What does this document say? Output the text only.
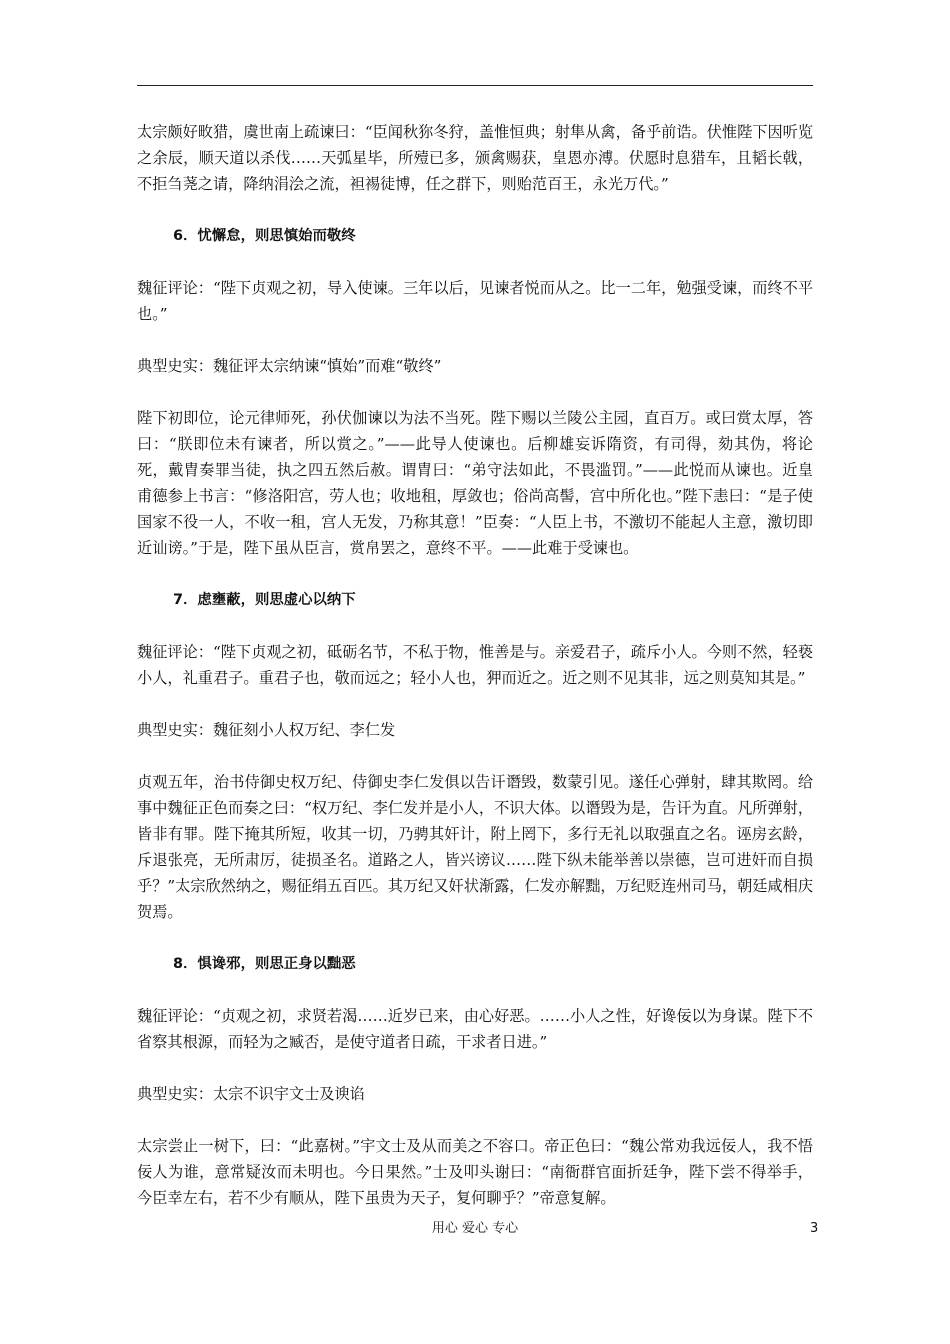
太宗颇好畋猎，虞世南上疏谏曰：“臣闻秋狝冬狩，盖惟恒典；射隼从禽，备乎前诰。伏惟陛下因听览之余辰，顺天道以杀伐……天弧星毕，所殪已多，颁禽赐获，皇恩亦溥。伏愿时息猎车，且韬长戟，不拒刍荛之请，降纳涓浍之流，袒裼徒博，任之群下，则贻范百王，永光万代。”

6．忧懈怠，则思慎始而敬终

魏征评论：“陛下贞观之初，导入使谏。三年以后，见谏者悦而从之。比一二年，勉强受谏，而终不平也。”

典型史实：魏征评太宗纳谏“慎始”而难“敬终”

陛下初即位，论元律师死，孙伏伽谏以为法不当死。陛下赐以兰陵公主园，直百万。或曰赏太厚，答曰：“朕即位未有谏者，所以赏之。”——此导人使谏也。后柳雄妄诉隋资，有司得，劾其伪，将论死，戴胄奏罪当徒，执之四五然后赦。谓胄曰：“弟守法如此，不畏滥罚。”——此悦而从谏也。近皇甫德参上书言：“修洛阳宫，劳人也；收地租，厚敛也；俗尚高髻，宫中所化也。”陛下恚曰：“是子使国家不役一人，不收一租，宫人无发，乃称其意！”臣奏：“人臣上书，不激切不能起人主意，激切即近讪谤。”于是，陛下虽从臣言，赏帛罢之，意终不平。——此难于受谏也。

7．虑壅蔽，则思虚心以纳下

魏征评论：“陛下贞观之初，砥砺名节，不私于物，惟善是与。亲爱君子，疏斥小人。今则不然，轻亵小人，礼重君子。重君子也，敬而远之；轻小人也，狎而近之。近之则不见其非，远之则莫知其是。”

典型史实：魏征刻小人权万纪、李仁发

贞观五年，治书侍御史权万纪、侍御史李仁发俱以告讦谮毁，数蒙引见。遂任心弹射，肆其欺罔。给事中魏征正色而奏之曰：“权万纪、李仁发并是小人，不识大体。以谮毁为是，告讦为直。凡所弹射，皆非有罪。陛下掩其所短，收其一切，乃骋其奸计，附上罔下，多行无礼以取强直之名。诬房玄龄，斥退张亮，无所肃厉，徒损圣名。道路之人，皆兴谤议……陛下纵未能举善以崇德，岂可进奸而自损乎？”太宗欣然纳之，赐征绢五百匹。其万纪又奸状渐露，仁发亦解黜，万纪贬连州司马，朝廷咸相庆贺焉。

8．惧谗邪，则思正身以黜恶

魏征评论：“贞观之初，求贤若渴……近岁已来，由心好恶。……小人之性，好谗佞以为身谋。陛下不省察其根源，而轻为之臧否，是使守道者日疏，干求者日进。”

典型史实：太宗不识宇文士及谀谄

太宗尝止一树下，曰：“此嘉树。”宇文士及从而美之不容口。帝正色曰：“魏公常劝我远佞人，我不悟佞人为谁，意常疑汝而未明也。今日果然。”士及叩头谢曰：“南衙群官面折廷争，陛下尝不得举手，今臣幸左右，若不少有顺从，陛下虽贵为天子，复何聊乎？”帝意复解。

用心 爱心 专心	3
